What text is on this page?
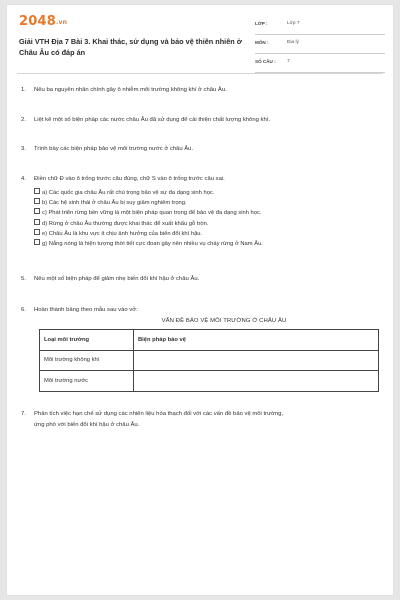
2048.vn
Giải VTH Địa 7 Bài 3. Khai thác, sử dụng và bảo vệ thiên nhiên ở Châu Âu có đáp án
LỚP :	Lớp 7
MÔN :	Địa lý
SỐ CÂU : 7
1. Nêu ba nguyên nhân chính gây ô nhiễm môi trường không khí ở châu Âu.
2. Liệt kê một số biện pháp các nước châu Âu đã sử dụng để cải thiện chất lượng không khí.
3. Trình bày các biện pháp bảo vệ môi trường nước ở châu Âu.
4. Điền chữ Đ vào ô trống trước câu đúng, chữ S vào ô trống trước câu sai.
a) Các quốc gia châu Âu rất chú trọng bảo vệ sự đa dạng sinh học.
b) Các hệ sinh thái ở châu Âu bị suy giảm nghiêm trọng.
c) Phát triển rừng bền vững là một biện pháp quan trọng để bảo vệ đa dạng sinh học.
d) Rừng ở châu Âu thường được khai thác để xuất khẩu gỗ tròn.
e) Châu Âu là khu vực ít chịu ảnh hưởng của biến đổi khí hậu.
g) Nắng nóng là hiện tượng thời tiết cực đoan gây nên nhiều vụ cháy rừng ở Nam Âu.
5. Nêu một số biện pháp để giảm nhẹ biến đổi khí hậu ở châu Âu.
6. Hoàn thành bảng theo mẫu sau vào vở:
VẤN ĐỀ BẢO VỆ MÔI TRƯỜNG Ở CHÂU ÂU
Loại môi trường	Biện pháp bảo vệ
Môi trường không khí	
Môi trường nước	
7. Phân tích việc hạn chế sử dụng các nhiên liệu hóa thạch đối với các vấn đề bảo vệ môi trường,
ứng phó với biến đổi khí hậu ở châu Âu.
